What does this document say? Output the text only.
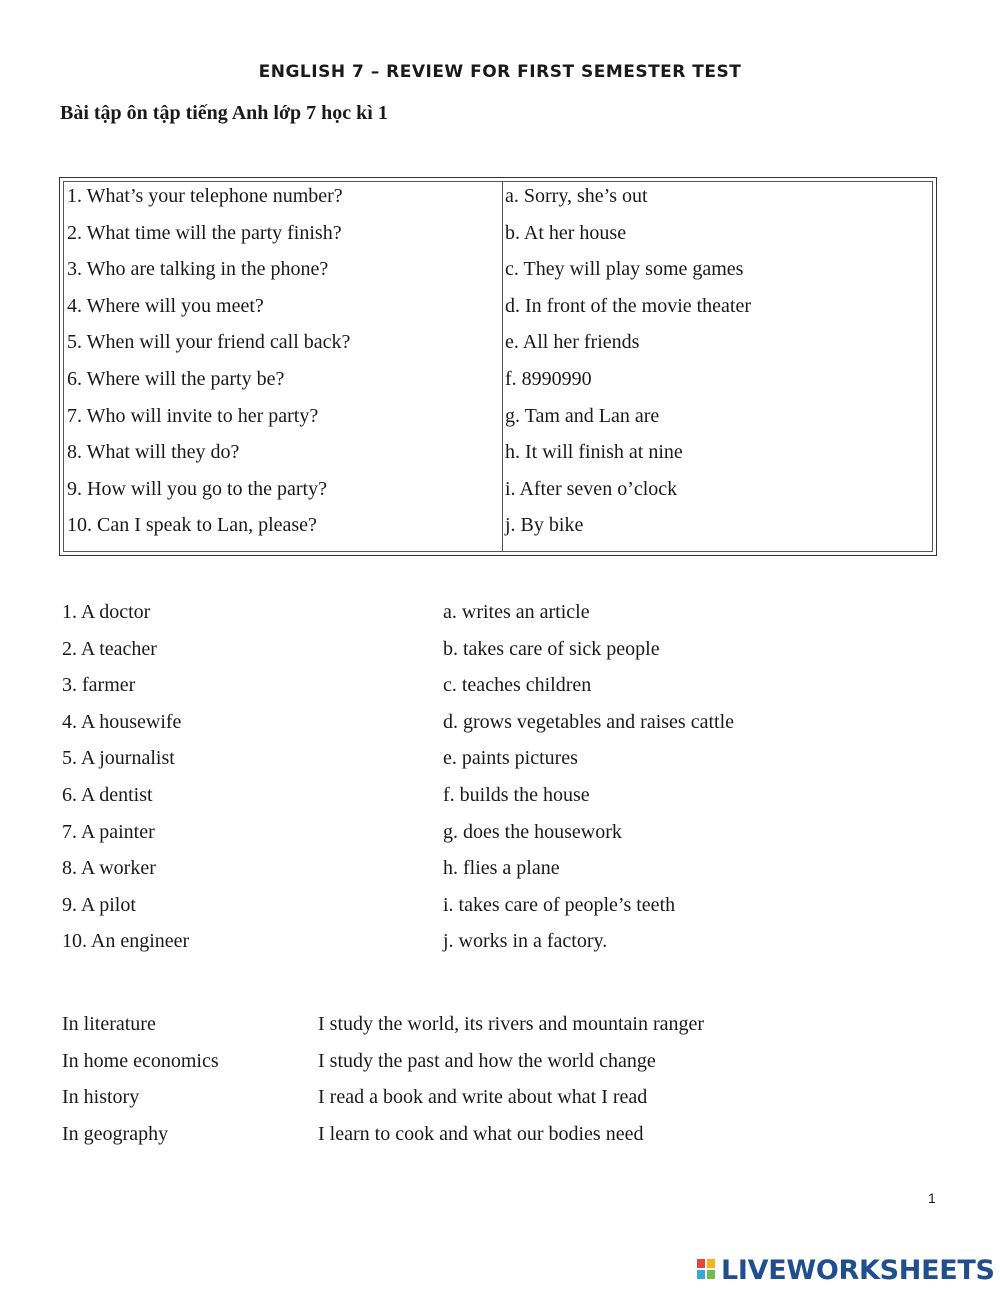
ENGLISH 7 – REVIEW FOR FIRST SEMESTER TEST
Bài tập ôn tập tiếng Anh lớp 7 học kì 1
1. What’s your telephone number?
2. What time will the party finish?
3. Who are talking in the phone?
4. Where will you meet?
5. When will your friend call back?
6. Where will the party be?
7. Who will invite to her party?
8. What will they do?
9. How will you go to the party?
10. Can I speak to Lan, please?
a. Sorry, she’s out
b. At her house
c. They will play some games
d. In front of the movie theater
e. All her friends
f. 8990990
g. Tam and Lan are
h. It will finish at nine
i. After seven o’clock
j. By bike
1. A doctor
2. A teacher
3. farmer
4. A housewife
5. A journalist
6. A dentist
7. A painter
8. A worker
9. A pilot
10. An engineer
a. writes an article
b. takes care of sick people
c. teaches children
d. grows vegetables and raises cattle
e. paints pictures
f. builds the house
g. does the housework
h. flies a plane
i. takes care of people’s teeth
j. works in a factory.
In literature
In home economics
In history
In geography
I study the world, its rivers and mountain ranger
I study the past and how the world change
I read a book and write about what I read
I learn to cook and what our bodies need
1
LIVEWORKSHEETS
